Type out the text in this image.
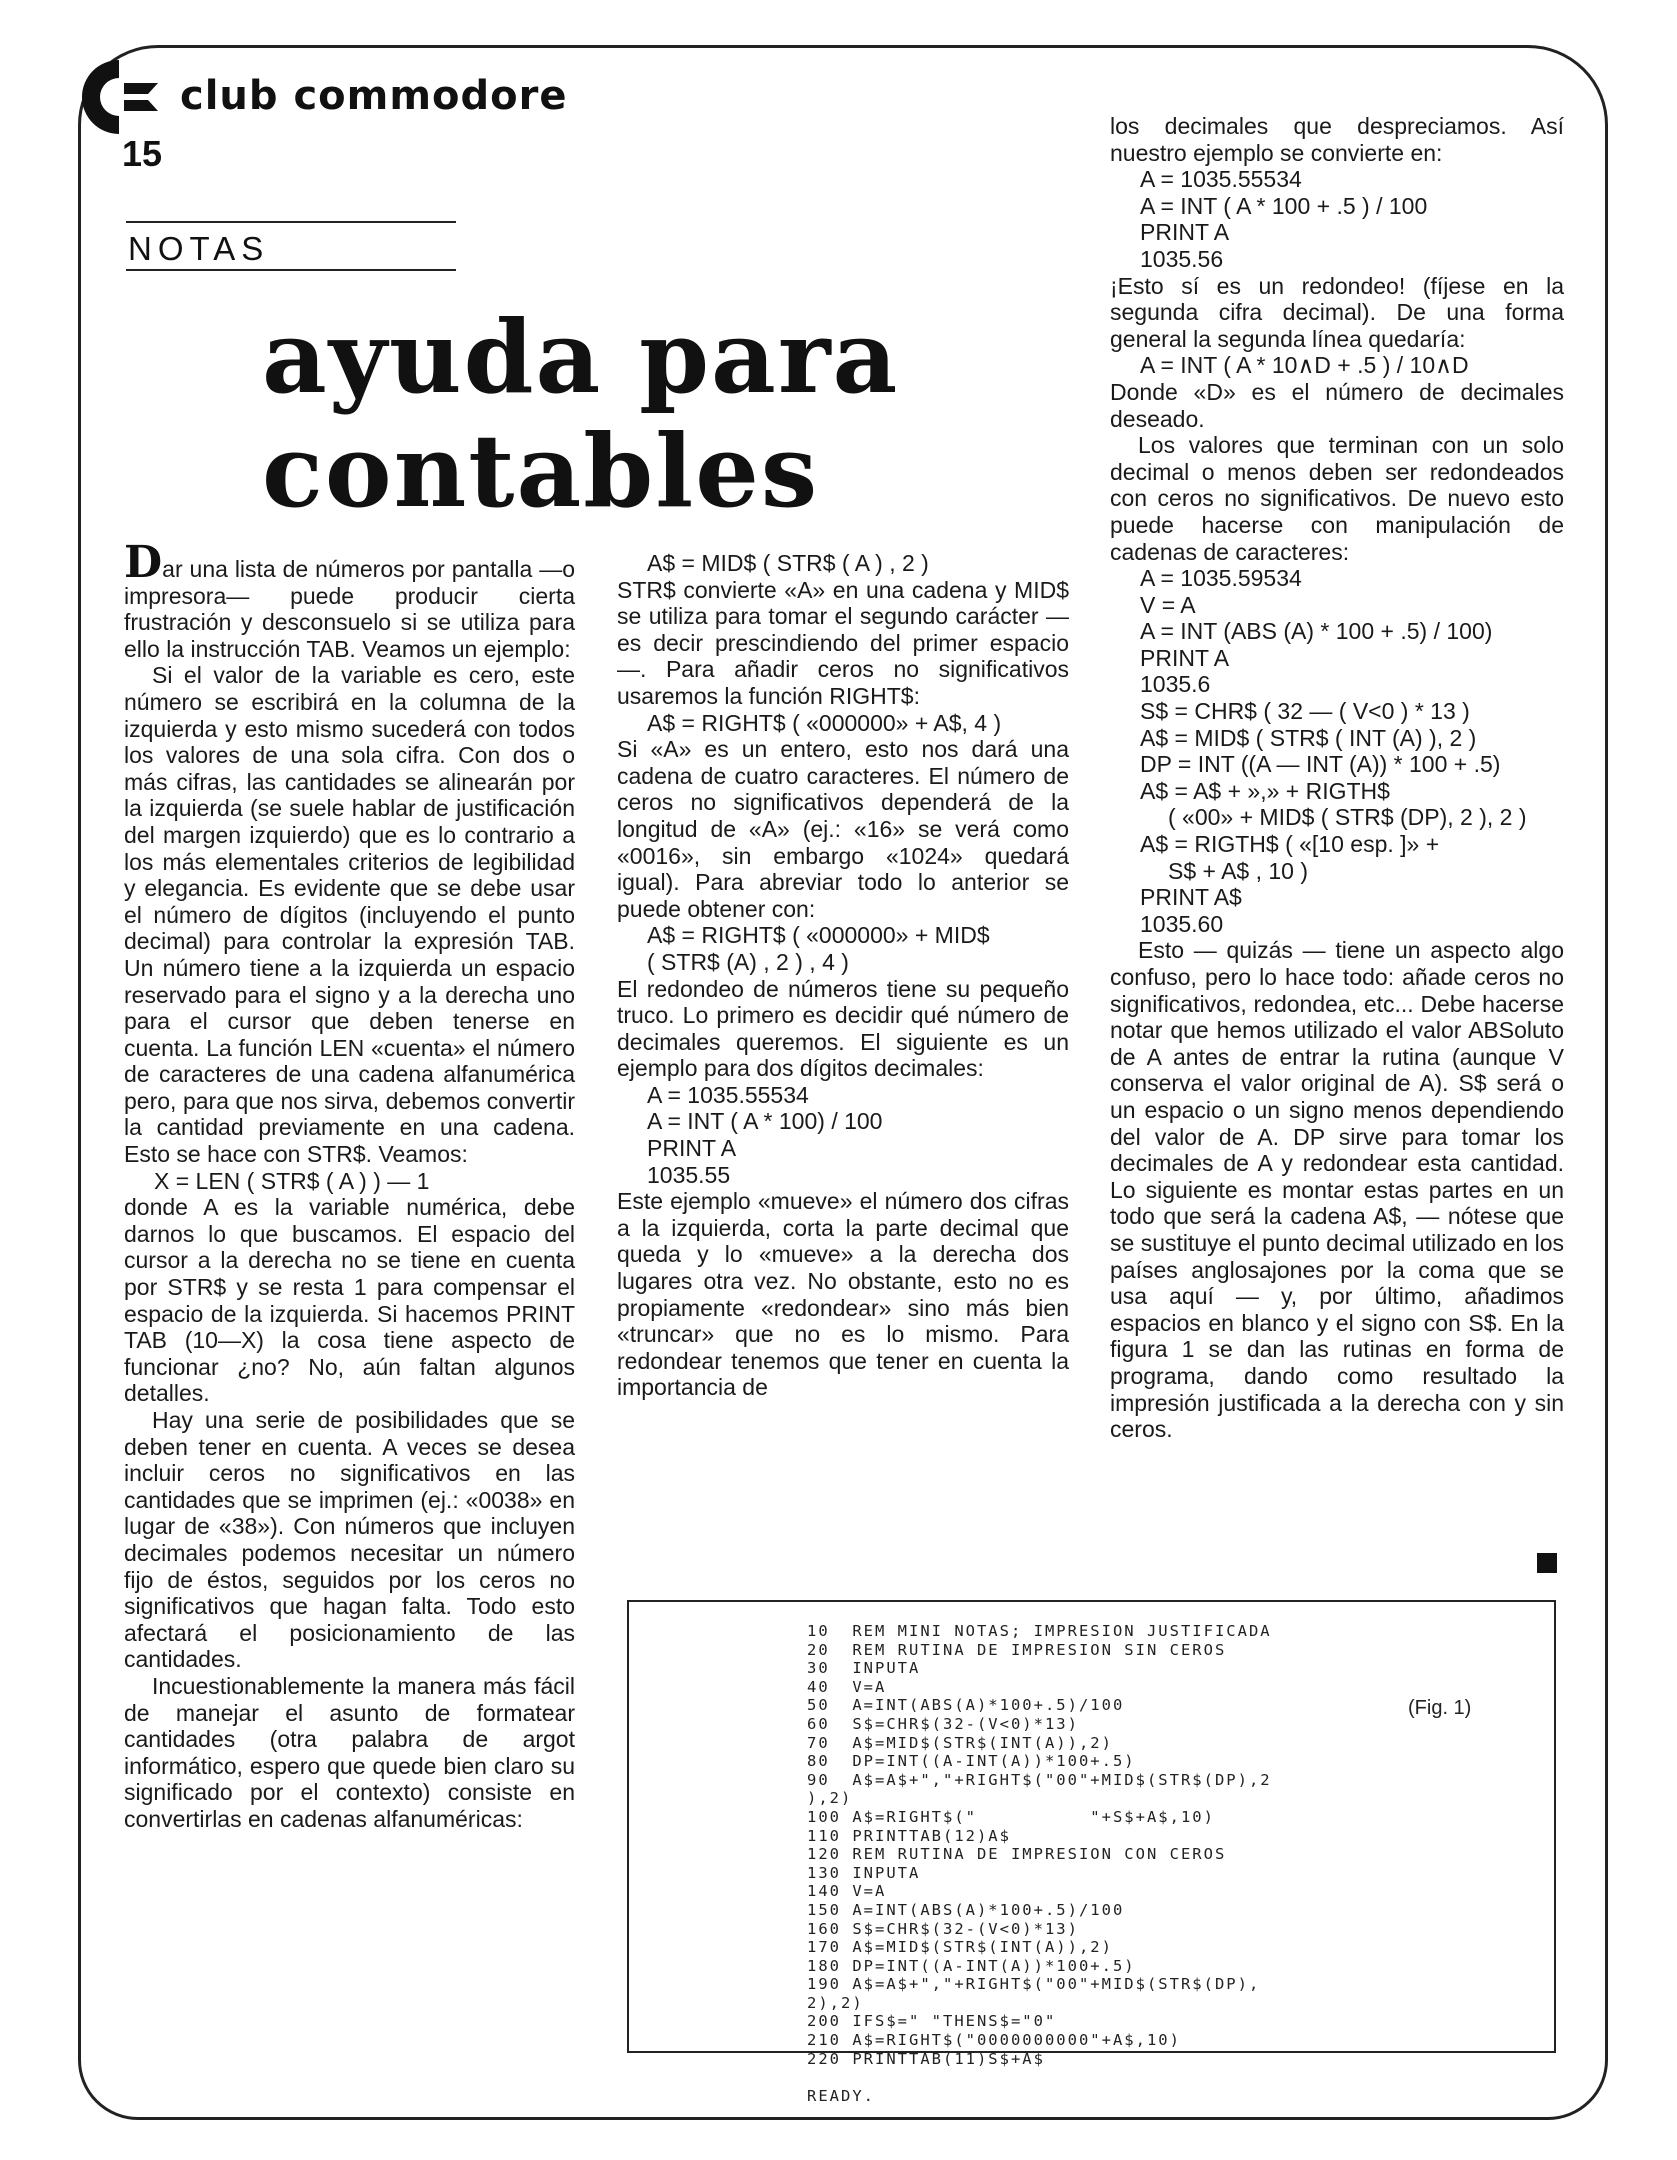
club commodore
15
NOTAS
ayuda para
contables

Dar una lista de números por pantalla —o impresora— puede producir cierta frustración y desconsuelo si se utiliza para ello la instrucción TAB. Veamos un ejemplo:

Si el valor de la variable es cero, este número se escribirá en la columna de la izquierda y esto mismo sucederá con todos los valores de una sola cifra. Con dos o más cifras, las cantidades se alinearán por la izquierda (se suele hablar de justificación del margen izquierdo) que es lo contrario a los más elementales criterios de legibilidad y elegancia. Es evidente que se debe usar el número de dígitos (incluyendo el punto decimal) para controlar la expresión TAB. Un número tiene a la izquierda un espacio reservado para el signo y a la derecha uno para el cursor que deben tenerse en cuenta. La función LEN «cuenta» el número de caracteres de una cadena alfanumérica pero, para que nos sirva, debemos convertir la cantidad previamente en una cadena. Esto se hace con STR$. Veamos:

X = LEN ( STR$ ( A ) ) — 1

donde A es la variable numérica, debe darnos lo que buscamos. El espacio del cursor a la derecha no se tiene en cuenta por STR$ y se resta 1 para compensar el espacio de la izquierda. Si hacemos PRINT TAB (10—X) la cosa tiene aspecto de funcionar ¿no? No, aún faltan algunos detalles.

Hay una serie de posibilidades que se deben tener en cuenta. A veces se desea incluir ceros no significativos en las cantidades que se imprimen (ej.: «0038» en lugar de «38»). Con números que incluyen decimales podemos necesitar un número fijo de éstos, seguidos por los ceros no significativos que hagan falta. Todo esto afectará el posicionamiento de las cantidades.

Incuestionablemente la manera más fácil de manejar el asunto de formatear cantidades (otra palabra de argot informático, espero que quede bien claro su significado por el contexto) consiste en convertirlas en cadenas alfanuméricas:

A$ = MID$ ( STR$ ( A ) , 2 )

STR$ convierte «A» en una cadena y MID$ se utiliza para tomar el segundo carácter — es decir prescindiendo del primer espacio —. Para añadir ceros no significativos usaremos la función RIGHT$:

A$ = RIGHT$ ( «000000» + A$, 4 )

Si «A» es un entero, esto nos dará una cadena de cuatro caracteres. El número de ceros no significativos dependerá de la longitud de «A» (ej.: «16» se verá como «0016», sin embargo «1024» quedará igual). Para abreviar todo lo anterior se puede obtener con:

A$ = RIGHT$ ( «000000» + MID$

( STR$ (A) , 2 ) , 4 )

El redondeo de números tiene su pequeño truco. Lo primero es decidir qué número de decimales queremos. El siguiente es un ejemplo para dos dígitos decimales:

A = 1035.55534

A = INT ( A * 100) / 100

PRINT A

1035.55

Este ejemplo «mueve» el número dos cifras a la izquierda, corta la parte decimal que queda y lo «mueve» a la derecha dos lugares otra vez. No obstante, esto no es propiamente «redondear» sino más bien «truncar» que no es lo mismo. Para redondear tenemos que tener en cuenta la importancia de

los decimales que despreciamos. Así nuestro ejemplo se convierte en:

A = 1035.55534

A = INT ( A * 100 + .5 ) / 100

PRINT A

1035.56

¡Esto sí es un redondeo! (fíjese en la segunda cifra decimal). De una forma general la segunda línea quedaría:

A = INT ( A * 10∧D + .5 ) / 10∧D

Donde «D» es el número de decimales deseado.

Los valores que terminan con un solo decimal o menos deben ser redondeados con ceros no significativos. De nuevo esto puede hacerse con manipulación de cadenas de caracteres:

A = 1035.59534

V = A

A = INT (ABS (A) * 100 + .5) / 100)

PRINT A

1035.6

S$ = CHR$ ( 32 — ( V<0 ) * 13 )

A$ = MID$ ( STR$ ( INT (A) ), 2 )

DP = INT ((A — INT (A)) * 100 + .5)

A$ = A$ + »,» + RIGTH$

( «00» + MID$ ( STR$ (DP), 2 ), 2 )

A$ = RIGTH$ ( «[10 esp. ]» +

S$ + A$ , 10 )

PRINT A$

1035.60

Esto — quizás — tiene un aspecto algo confuso, pero lo hace todo: añade ceros no significativos, redondea, etc... Debe hacerse notar que hemos utilizado el valor ABSoluto de A antes de entrar la rutina (aunque V conserva el valor original de A). S$ será o un espacio o un signo menos dependiendo del valor de A. DP sirve para tomar los decimales de A y redondear esta cantidad. Lo siguiente es montar estas partes en un todo que será la cadena A$, — nótese que se sustituye el punto decimal utilizado en los países anglosajones por la coma que se usa aquí — y, por último, añadimos espacios en blanco y el signo con S$. En la figura 1 se dan las rutinas en forma de programa, dando como resultado la impresión justificada a la derecha con y sin ceros.

10  REM MINI NOTAS; IMPRESION JUSTIFICADA
20  REM RUTINA DE IMPRESION SIN CEROS
30  INPUTA
40  V=A
50  A=INT(ABS(A)*100+.5)/100
60  S$=CHR$(32-(V<0)*13)
70  A$=MID$(STR$(INT(A)),2)
80  DP=INT((A-INT(A))*100+.5)
90  A$=A$+","+RIGHT$("00"+MID$(STR$(DP),2
),2)
100 A$=RIGHT$("          "+S$+A$,10)
110 PRINTTAB(12)A$
120 REM RUTINA DE IMPRESION CON CEROS
130 INPUTA
140 V=A
150 A=INT(ABS(A)*100+.5)/100
160 S$=CHR$(32-(V<0)*13)
170 A$=MID$(STR$(INT(A)),2)
180 DP=INT((A-INT(A))*100+.5)
190 A$=A$+","+RIGHT$("00"+MID$(STR$(DP),
2),2)
200 IFS$=" "THENS$="0"
210 A$=RIGHT$("0000000000"+A$,10)
220 PRINTTAB(11)S$+A$

READY.
(Fig. 1)
